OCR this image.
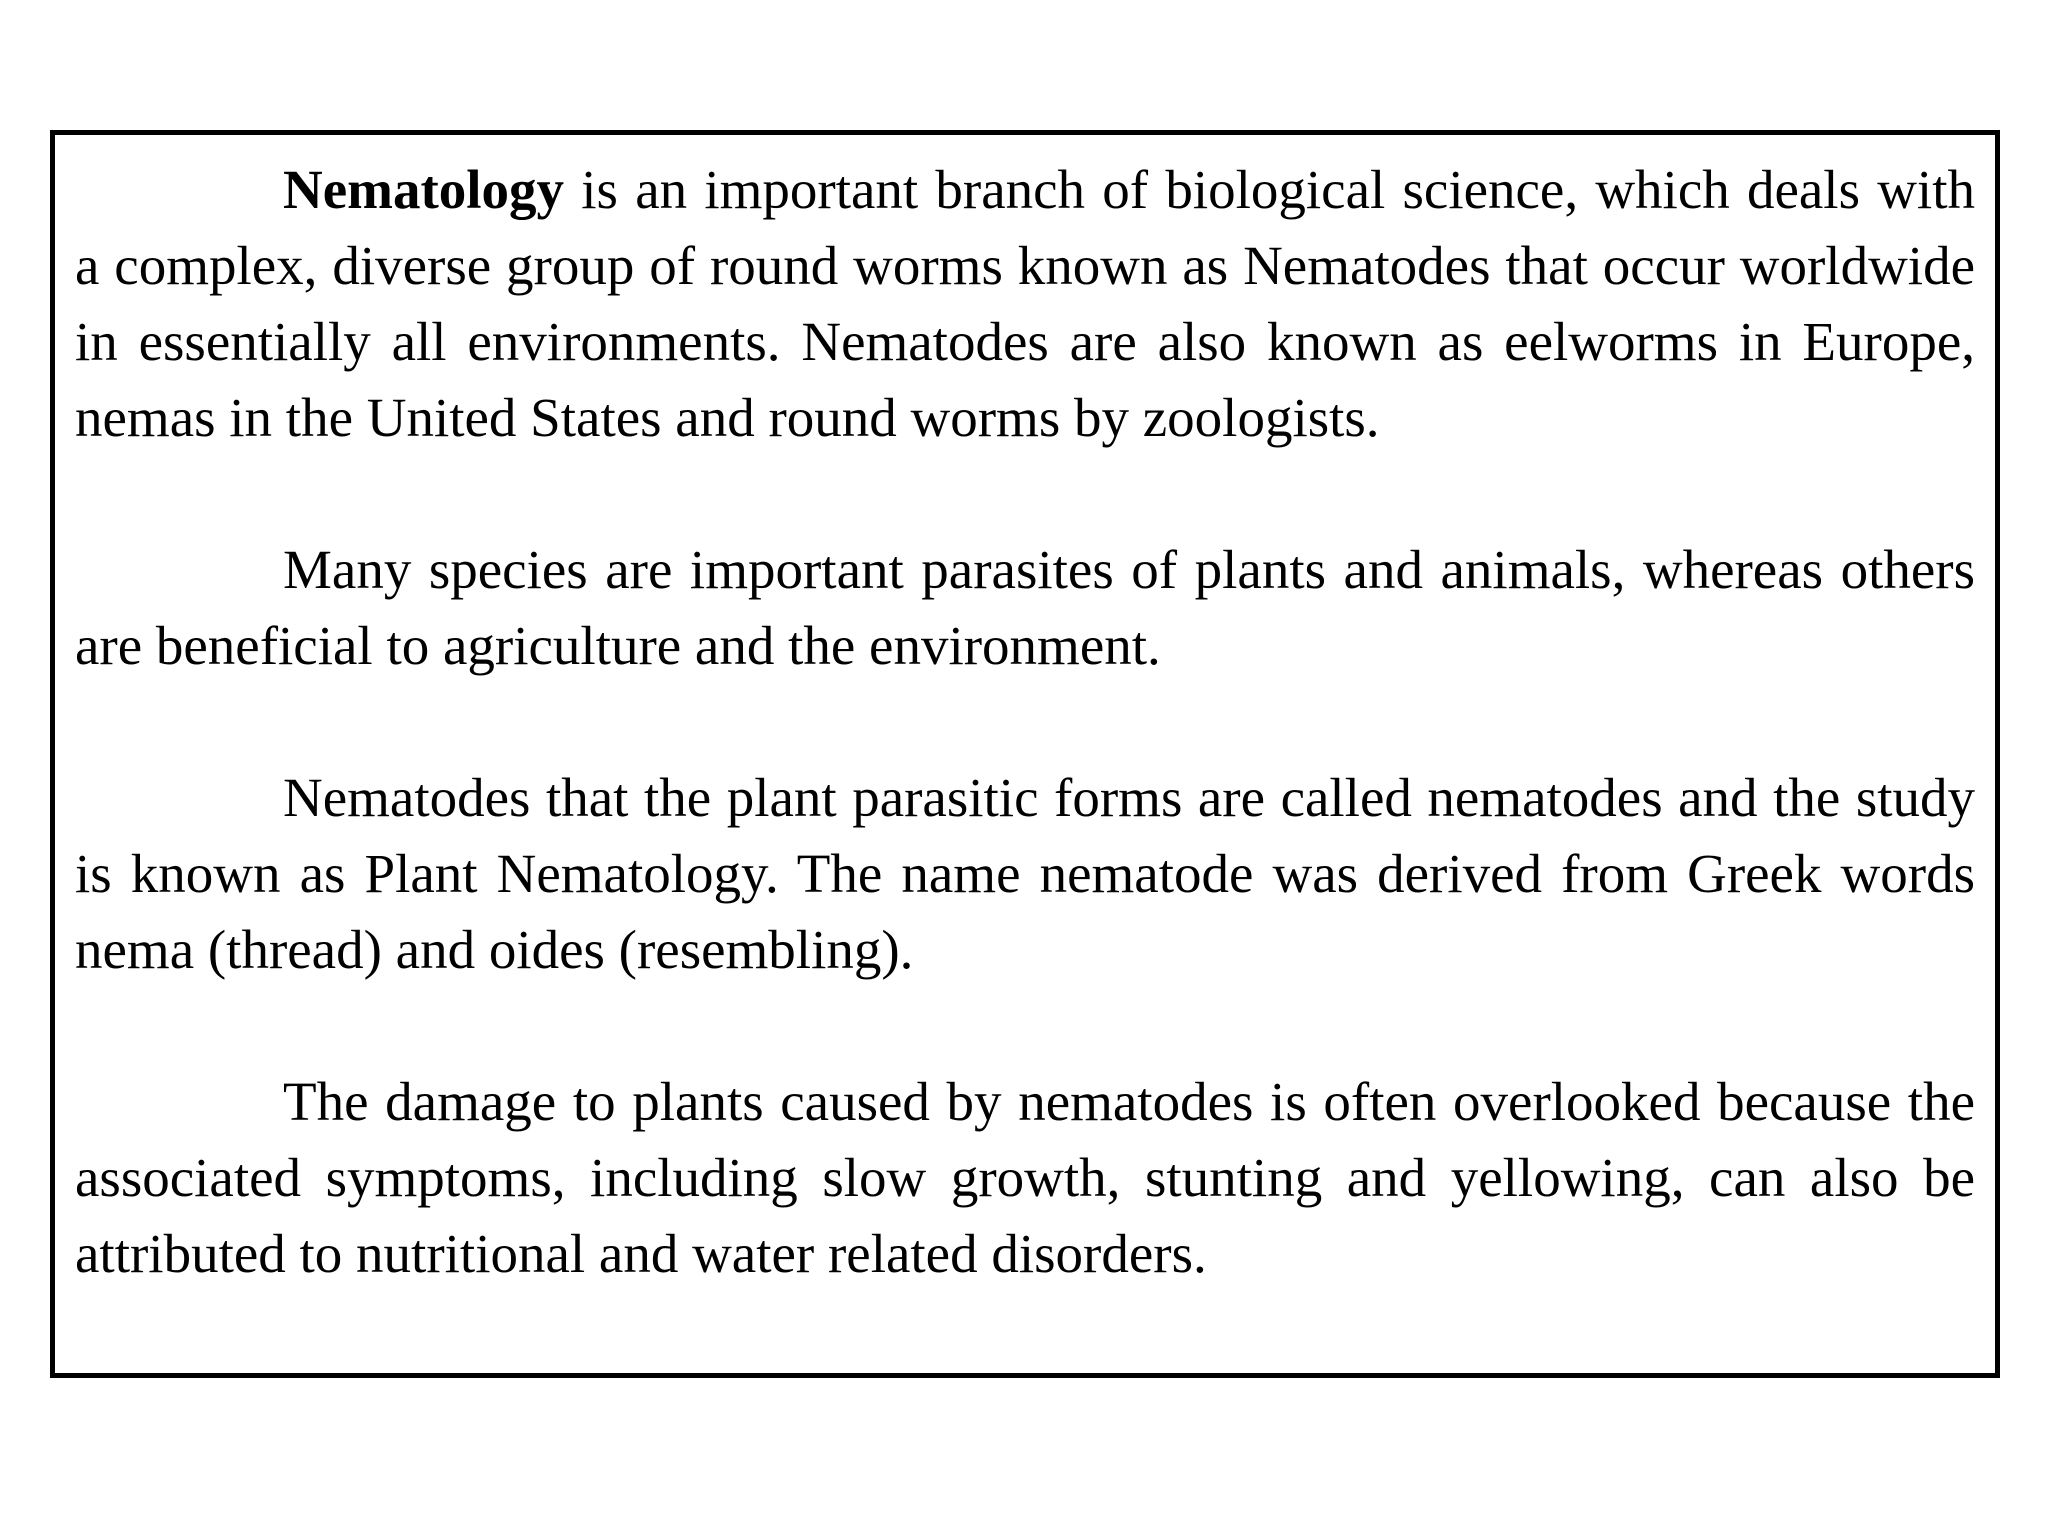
Nematology is an important branch of biological science, which deals with a complex, diverse group of round worms known as Nematodes that occur worldwide in essentially all environments. Nematodes are also known as eelworms in Europe, nemas in the United States and round worms by zoologists.

Many species are important parasites of plants and animals, whereas others are beneficial to agriculture and the environment.

Nematodes that the plant parasitic forms are called nematodes and the study is known as Plant Nematology. The name nematode was derived from Greek words nema (thread) and oides (resembling).

The damage to plants caused by nematodes is often overlooked because the associated symptoms, including slow growth, stunting and yellowing, can also be attributed to nutritional and water related disorders.
